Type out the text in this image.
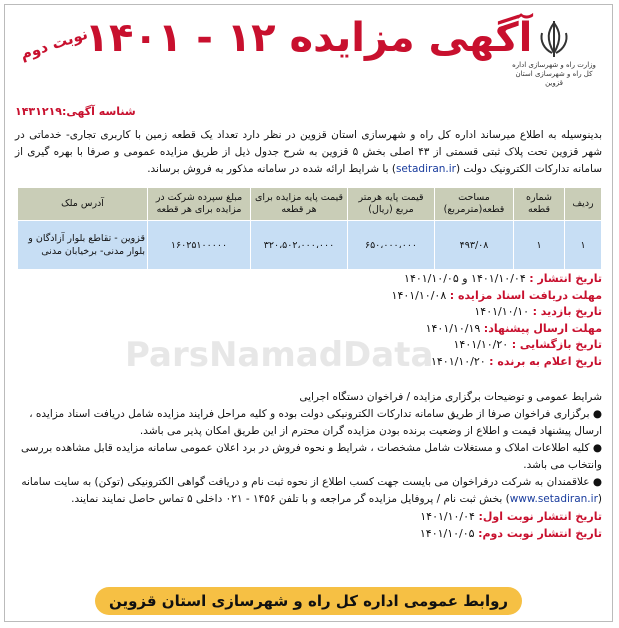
وزارت راه و شهرسازی اداره کل راه و شهرسازی استان قزوین
آگهی مزایده ۱۲ - ۱۴۰۱
نوبت دوم
شناسه آگهی:۱۴۳۱۲۱۹
بدینوسیله به اطلاع میرساند اداره کل راه و شهرسازی استان قزوین در نظر دارد تعداد یک قطعه زمین با کاربری تجاری- خدماتی در شهر قزوین تحت پلاک ثبتی قسمتی از ۴۳ اصلی بخش ۵ قزوین به شرح جدول ذیل از طریق مزایده عمومی و صرفا با بهره گیری از سامانه تدارکات الکترونیک دولت (setadiran.ir) با شرایط ارائه شده در سامانه مذکور به فروش برساند.
ردیف	شماره قطعه	مساحت قطعه(مترمربع)	قیمت پایه هرمتر مربع (ریال)	قیمت پایه مزایده برای هر قطعه	مبلغ سپرده شرکت در مزایده برای هر قطعه	آدرس ملک
۱	۱	۴۹۳/۰۸	۶۵۰،۰۰۰،۰۰۰	۳۲۰،۵۰۲،۰۰۰،۰۰۰	۱۶۰۲۵۱۰۰۰۰۰	قزوین - تقاطع بلوار آزادگان و بلوار مدنی- برخیابان مدنی
تاریخ انتشار : ۱۴۰۱/۱۰/۰۴ و ۱۴۰۱/۱۰/۰۵
مهلت دریافت اسناد مزایده : ۱۴۰۱/۱۰/۰۸
تاریخ بازدید : ۱۴۰۱/۱۰/۱۰
مهلت ارسال پیشنهاد: ۱۴۰۱/۱۰/۱۹
تاریخ بازگشایی : ۱۴۰۱/۱۰/۲۰
تاریخ اعلام به برنده : ۱۴۰۱/۱۰/۲۰
ParsNamadData
شرایط عمومی و توضیحات برگزاری مزایده / فراخوان دستگاه اجرایی
● برگزاری فراخوان صرفا از طریق سامانه تدارکات الکترونیکی دولت بوده و کلیه مراحل فرایند مزایده شامل دریافت اسناد مزایده ، ارسال پیشنهاد قیمت و اطلاع از وضعیت برنده بودن مزایده گران محترم از این طریق امکان پذیر می باشد.
● کلیه اطلاعات املاک و مستغلات شامل مشخصات ، شرایط و نحوه فروش در برد اعلان عمومی سامانه مزایده قابل مشاهده بررسی وانتخاب می باشد.
● علاقمندان به شرکت درفراخوان می بایست جهت کسب اطلاع از نحوه ثبت نام و دریافت گواهی الکترونیکی (توکن) به سایت سامانه (www.setadiran.ir) بخش ثبت نام / پروفایل مزایده گر مراجعه و با تلفن ۱۴۵۶ - ۰۲۱ داخلی ۵ تماس حاصل نمایند نمایند.
تاریخ انتشار نوبت اول: ۱۴۰۱/۱۰/۰۴
تاریخ انتشار نوبت دوم: ۱۴۰۱/۱۰/۰۵
روابط عمومی اداره کل راه و شهرسازی استان قزوین
